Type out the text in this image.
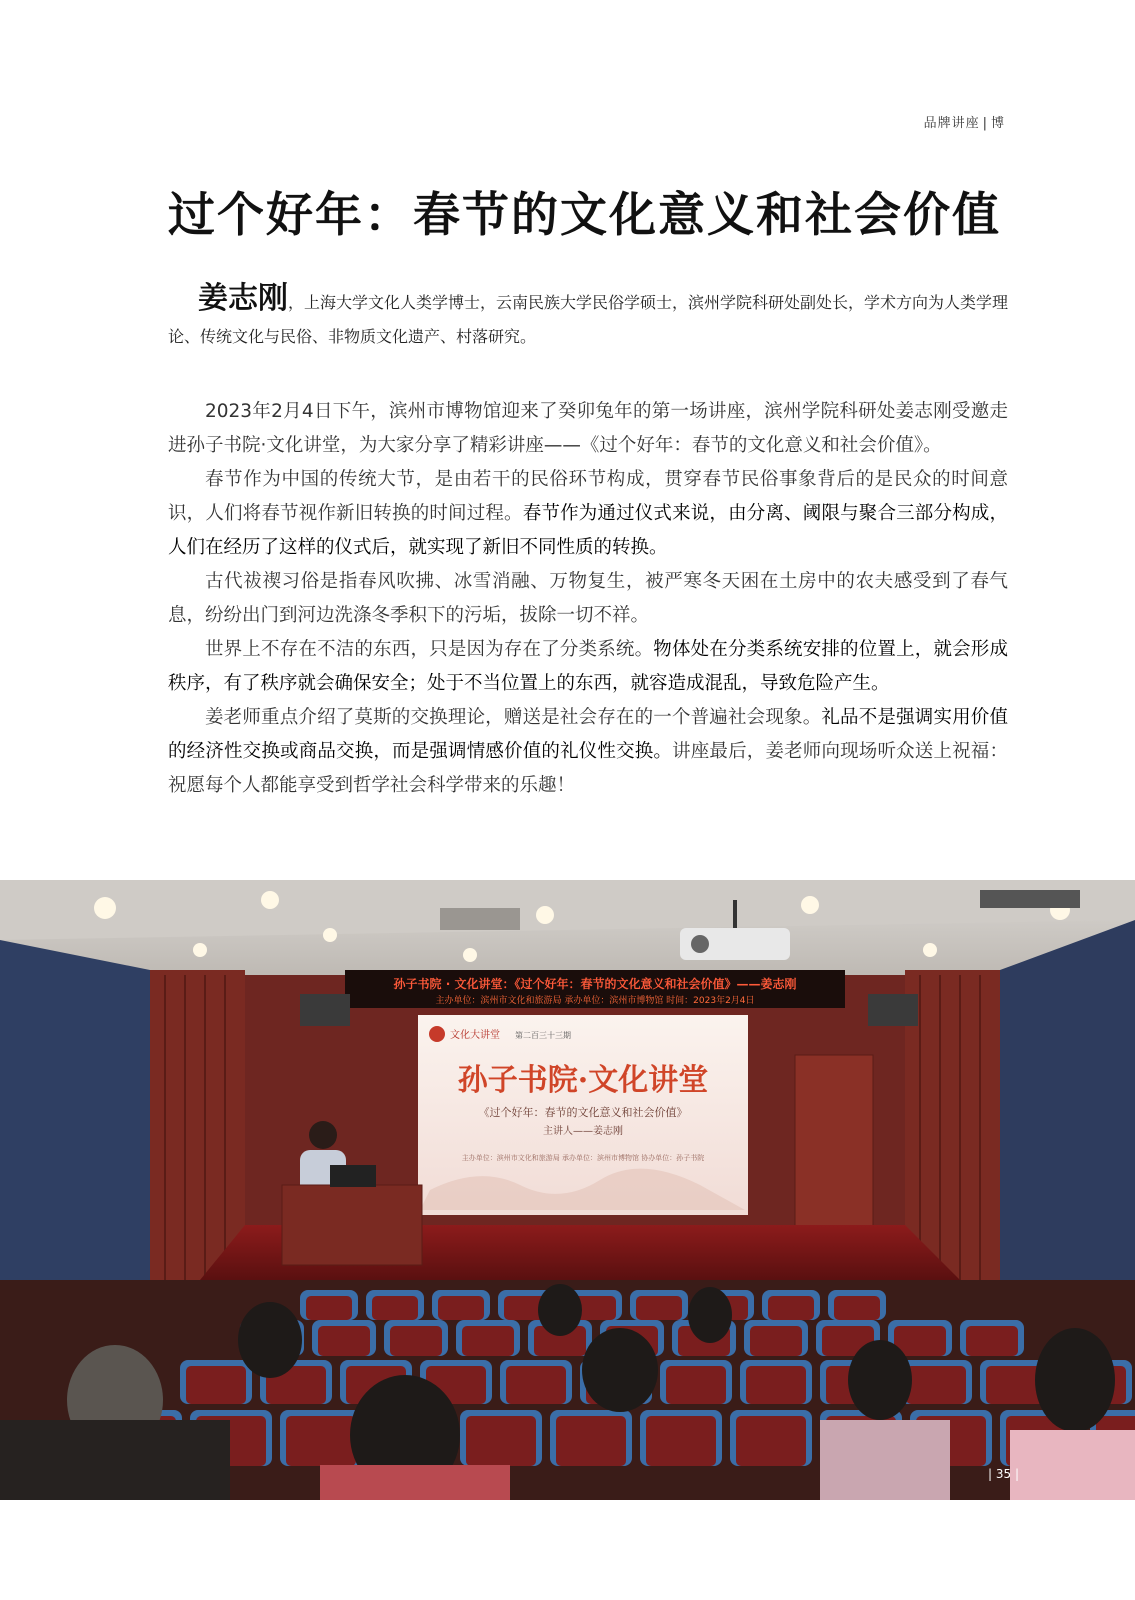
品牌讲座 | 博
过个好年：春节的文化意义和社会价值

姜志刚，上海大学文化人类学博士，云南民族大学民俗学硕士，滨州学院科研处副处长，学术方向为人类学理论、传统文化与民俗、非物质文化遗产、村落研究。

2023年2月4日下午，滨州市博物馆迎来了癸卯兔年的第一场讲座，滨州学院科研处姜志刚受邀走进孙子书院·文化讲堂，为大家分享了精彩讲座——《过个好年：春节的文化意义和社会价值》。

春节作为中国的传统大节，是由若干的民俗环节构成，贯穿春节民俗事象背后的是民众的时间意识，人们将春节视作新旧转换的时间过程。春节作为通过仪式来说，由分离、阈限与聚合三部分构成，人们在经历了这样的仪式后，就实现了新旧不同性质的转换。

古代祓禊习俗是指春风吹拂、冰雪消融、万物复生，被严寒冬天困在土房中的农夫感受到了春气息，纷纷出门到河边洗涤冬季积下的污垢，拔除一切不祥。

世界上不存在不洁的东西，只是因为存在了分类系统。物体处在分类系统安排的位置上，就会形成秩序，有了秩序就会确保安全；处于不当位置上的东西，就容造成混乱，导致危险产生。

姜老师重点介绍了莫斯的交换理论，赠送是社会存在的一个普遍社会现象。礼品不是强调实用价值的经济性交换或商品交换，而是强调情感价值的礼仪性交换。讲座最后，姜老师向现场听众送上祝福：祝愿每个人都能享受到哲学社会科学带来的乐趣！

孙子书院 · 文化讲堂：《过个好年：春节的文化意义和社会价值》——姜志刚
主办单位：滨州市文化和旅游局 承办单位：滨州市博物馆 时间：2023年2月4日
文化大讲堂 第二百三十三期
孙子书院·文化讲堂
《过个好年：春节的文化意义和社会价值》
主讲人——姜志刚
主办单位：滨州市文化和旅游局 承办单位：滨州市博物馆 协办单位：孙子书院
| 35 |
